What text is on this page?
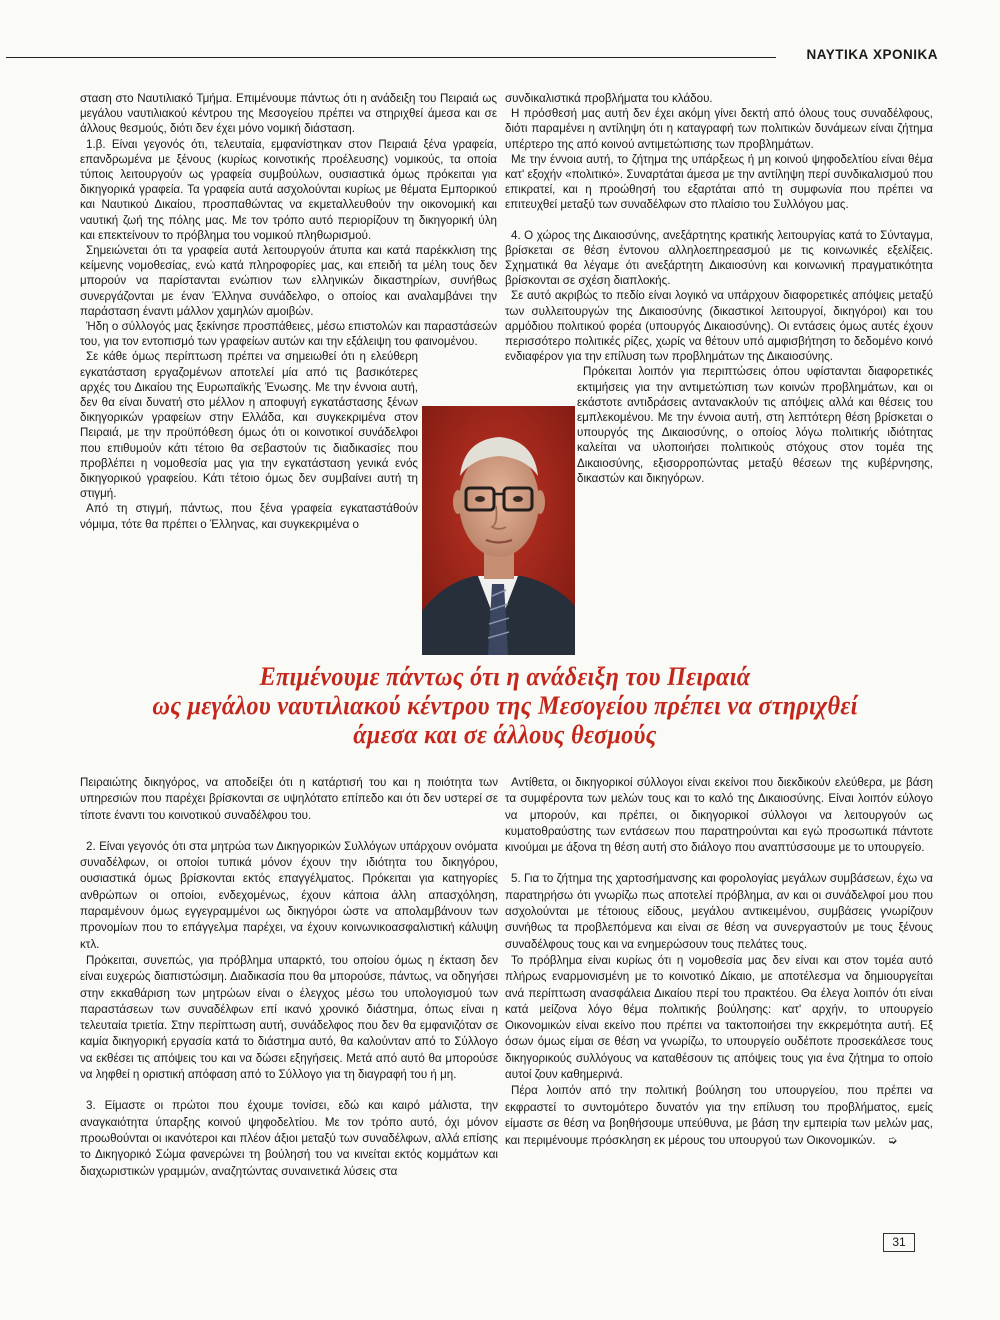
ΝΑΥΤΙΚΑ ΧΡΟΝΙΚΑ

σταση στο Ναυτιλιακό Τμήμα. Επιμένουμε πάντως ότι η ανάδειξη του Πειραιά ως μεγάλου ναυτιλιακού κέντρου της Μεσογείου πρέπει να στηριχθεί άμεσα και σε άλλους θεσμούς, διότι δεν έχει μόνο νομική διάσταση.

1.β. Είναι γεγονός ότι, τελευταία, εμφανίστηκαν στον Πειραιά ξένα γραφεία, επανδρωμένα με ξένους (κυρίως κοινοτικής προέλευσης) νομικούς, τα οποία τύποις λειτουργούν ως γραφεία συμβούλων, ουσιαστικά όμως πρόκειται για δικηγορικά γραφεία. Τα γραφεία αυτά ασχολούνται κυρίως με θέματα Εμπορικού και Ναυτικού Δικαίου, προσπαθώντας να εκμεταλλευθούν την οικονομική και ναυτική ζωή της πόλης μας. Με τον τρόπο αυτό περιορίζουν τη δικηγορική ύλη και επεκτείνουν το πρόβλημα του νομικού πληθωρισμού.

Σημειώνεται ότι τα γραφεία αυτά λειτουργούν άτυπα και κατά παρέκκλιση της κείμενης νομοθεσίας, ενώ κατά πληροφορίες μας, και επειδή τα μέλη τους δεν μπορούν να παρίστανται ενώπιον των ελληνικών δικαστηρίων, συνήθως συνεργάζονται με έναν Έλληνα συνάδελφο, ο οποίος και αναλαμβάνει την παράσταση έναντι μάλλον χαμηλών αμοιβών.

Ήδη ο σύλλογός μας ξεκίνησε προσπάθειες, μέσω επιστολών και παραστάσεών του, για τον εντοπισμό των γραφείων αυτών και την εξάλειψη του φαινομένου.

Σε κάθε όμως περίπτωση πρέπει να σημειωθεί ότι η ελεύθερη εγκατάσταση εργαζομένων αποτελεί μία από τις βασικότερες αρχές του Δικαίου της Ευρωπαϊκής Ένωσης. Με την έννοια αυτή, δεν θα είναι δυνατή στο μέλλον η αποφυγή εγκατάστασης ξένων δικηγορικών γραφείων στην Ελλάδα, και συγκεκριμένα στον Πειραιά, με την προϋπόθεση όμως ότι οι κοινοτικοί συνάδελφοι που επιθυμούν κάτι τέτοιο θα σεβαστούν τις διαδικασίες που προβλέπει η νομοθεσία μας για την εγκατάσταση γενικά ενός δικηγορικού γραφείου. Κάτι τέτοιο όμως δεν συμβαίνει αυτή τη στιγμή.

Από τη στιγμή, πάντως, που ξένα γραφεία εγκαταστάθούν νόμιμα, τότε θα πρέπει ο Έλληνας, και συγκεκριμένα ο

συνδικαλιστικά προβλήματα του κλάδου.

Η πρόσθεσή μας αυτή δεν έχει ακόμη γίνει δεκτή από όλους τους συναδέλφους, διότι παραμένει η αντίληψη ότι η καταγραφή των πολιτικών δυνάμεων είναι ζήτημα υπέρτερο της από κοινού αντιμετώπισης των προβλημάτων.

Με την έννοια αυτή, το ζήτημα της υπάρξεως ή μη κοινού ψηφοδελτίου είναι θέμα κατ' εξοχήν «πολιτικό». Συναρτάται άμεσα με την αντίληψη περί συνδικαλισμού που επικρατεί, και η προώθησή του εξαρτάται από τη συμφωνία που πρέπει να επιτευχθεί μεταξύ των συναδέλφων στο πλαίσιο του Συλλόγου μας.

4. Ο χώρος της Δικαιοσύνης, ανεξάρτητης κρατικής λειτουργίας κατά το Σύνταγμα, βρίσκεται σε θέση έντονου αλληλοεπηρεασμού με τις κοινωνικές εξελίξεις. Σχηματικά θα λέγαμε ότι ανεξάρτητη Δικαιοσύνη και κοινωνική πραγματικότητα βρίσκονται σε σχέση διαπλοκής.

Σε αυτό ακριβώς το πεδίο είναι λογικό να υπάρχουν διαφορετικές απόψεις μεταξύ των συλλειτουργών της Δικαιοσύνης (δικαστικοί λειτουργοί, δικηγόροι) και του αρμόδιου πολιτικού φορέα (υπουργός Δικαιοσύνης). Οι εντάσεις όμως αυτές έχουν περισσότερο πολιτικές ρίζες, χωρίς να θέτουν υπό αμφισβήτηση το δεδομένο κοινό ενδιαφέρον για την επίλυση των προβλημάτων της Δικαιοσύνης.

Πρόκειται λοιπόν για περιπτώσεις όπου υφίστανται διαφορετικές εκτιμήσεις για την αντιμετώπιση των κοινών προβλημάτων, και οι εκάστοτε αντιδράσεις αντανακλούν τις απόψεις αλλά και θέσεις του εμπλεκομένου. Με την έννοια αυτή, στη λεπτότερη θέση βρίσκεται ο υπουργός της Δικαιοσύνης, ο οποίος λόγω πολιτικής ιδιότητας καλείται να υλοποιήσει πολιτικούς στόχους στον τομέα της Δικαιοσύνης, εξισορροπώντας μεταξύ θέσεων της κυβέρνησης, δικαστών και δικηγόρων.

Επιμένουμε πάντως ότι η ανάδειξη του Πειραιά
ως μεγάλου ναυτιλιακού κέντρου της Μεσογείου πρέπει να στηριχθεί
άμεσα και σε άλλους θεσμούς

Πειραιώτης δικηγόρος, να αποδείξει ότι η κατάρτισή του και η ποιότητα των υπηρεσιών που παρέχει βρίσκονται σε υψηλότατο επίπεδο και ότι δεν υστερεί σε τίποτε έναντι του κοινοτικού συναδέλφου του.

2. Είναι γεγονός ότι στα μητρώα των Δικηγορικών Συλλόγων υπάρχουν ονόματα συναδέλφων, οι οποίοι τυπικά μόνον έχουν την ιδιότητα του δικηγόρου, ουσιαστικά όμως βρίσκονται εκτός επαγγέλματος. Πρόκειται για κατηγορίες ανθρώπων οι οποίοι, ενδεχομένως, έχουν κάποια άλλη απασχόληση, παραμένουν όμως εγγεγραμμένοι ως δικηγόροι ώστε να απολαμβάνουν των προνομίων που το επάγγελμα παρέχει, να έχουν κοινωνικοασφαλιστική κάλυψη κτλ.

Πρόκειται, συνεπώς, για πρόβλημα υπαρκτό, του οποίου όμως η έκταση δεν είναι ευχερώς διαπιστώσιμη. Διαδικασία που θα μπορούσε, πάντως, να οδηγήσει στην εκκαθάριση των μητρώων είναι ο έλεγχος μέσω του υπολογισμού των παραστάσεων των συναδέλφων επί ικανό χρονικό διάστημα, όπως είναι η τελευταία τριετία. Στην περίπτωση αυτή, συνάδελφος που δεν θα εμφανιζόταν σε καμία δικηγορική εργασία κατά το διάστημα αυτό, θα καλούνταν από το Σύλλογο να εκθέσει τις απόψεις του και να δώσει εξηγήσεις. Μετά από αυτό θα μπορούσε να ληφθεί η οριστική απόφαση από το Σύλλογο για τη διαγραφή του ή μη.

3. Είμαστε οι πρώτοι που έχουμε τονίσει, εδώ και καιρό μάλιστα, την αναγκαιότητα ύπαρξης κοινού ψηφοδελτίου. Με τον τρόπο αυτό, όχι μόνον προωθούνται οι ικανότεροι και πλέον άξιοι μεταξύ των συναδέλφων, αλλά επίσης το Δικηγορικό Σώμα φανερώνει τη βούλησή του να κινείται εκτός κομμάτων και διαχωριστικών γραμμών, αναζητώντας συναινετικά λύσεις στα

Αντίθετα, οι δικηγορικοί σύλλογοι είναι εκείνοι που διεκδικούν ελεύθερα, με βάση τα συμφέροντα των μελών τους και το καλό της Δικαιοσύνης. Είναι λοιπόν εύλογο να μπορούν, και πρέπει, οι δικηγορικοί σύλλογοι να λειτουργούν ως κυματοθραύστης των εντάσεων που παρατηρούνται και εγώ προσωπικά πάντοτε κινούμαι με άξονα τη θέση αυτή στο διάλογο που αναπτύσσουμε με το υπουργείο.

5. Για το ζήτημα της χαρτοσήμανσης και φορολογίας μεγάλων συμβάσεων, έχω να παρατηρήσω ότι γνωρίζω πως αποτελεί πρόβλημα, αν και οι συνάδελφοί μου που ασχολούνται με τέτοιους είδους, μεγάλου αντικειμένου, συμβάσεις γνωρίζουν συνήθως τα προβλεπόμενα και είναι σε θέση να συνεργαστούν με τους ξένους συναδέλφους τους και να ενημερώσουν τους πελάτες τους.

Το πρόβλημα είναι κυρίως ότι η νομοθεσία μας δεν είναι και στον τομέα αυτό πλήρως εναρμονισμένη με το κοινοτικό Δίκαιο, με αποτέλεσμα να δημιουργείται ανά περίπτωση ανασφάλεια Δικαίου περί του πρακτέου. Θα έλεγα λοιπόν ότι είναι κατά μείζονα λόγο θέμα πολιτικής βούλησης: κατ' αρχήν, το υπουργείο Οικονομικών είναι εκείνο που πρέπει να τακτοποιήσει την εκκρεμότητα αυτή. Εξ όσων όμως είμαι σε θέση να γνωρίζω, το υπουργείο ουδέποτε προσεκάλεσε τους δικηγορικούς συλλόγους να καταθέσουν τις απόψεις τους για ένα ζήτημα το οποίο αυτοί ζουν καθημερινά.

Πέρα λοιπόν από την πολιτική βούληση του υπουργείου, που πρέπει να εκφραστεί το συντομότερο δυνατόν για την επίλυση του προβλήματος, εμείς είμαστε σε θέση να βοηθήσουμε υπεύθυνα, με βάση την εμπειρία των μελών μας, και περιμένουμε πρόσκληση εκ μέρους του υπουργού των Οικονομικών. ➭

31
